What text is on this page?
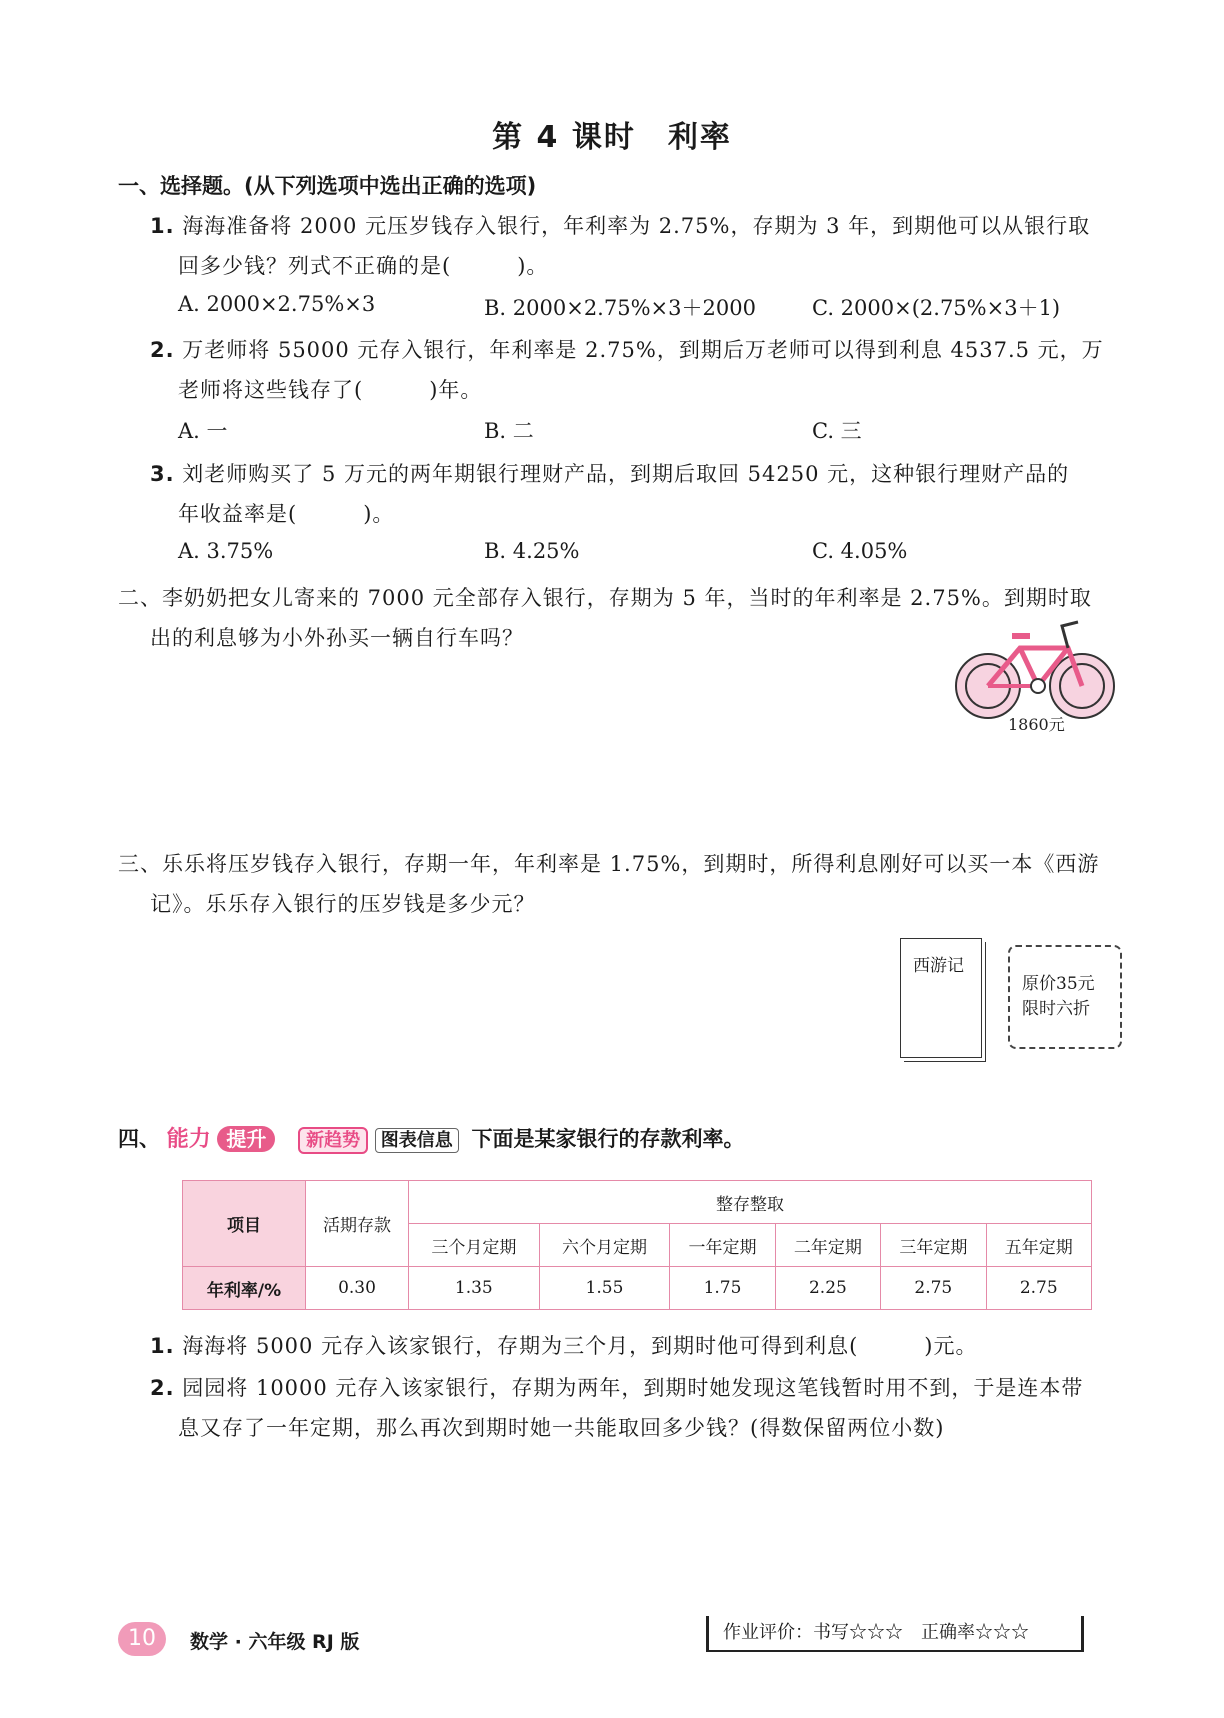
第 4 课时　利率
一、选择题。(从下列选项中选出正确的选项)
1. 海海准备将 2000 元压岁钱存入银行，年利率为 2.75%，存期为 3 年，到期他可以从银行取
回多少钱？列式不正确的是(　　　)。
A. 2000×2.75%×3	B. 2000×2.75%×3＋2000	C. 2000×(2.75%×3＋1)
2. 万老师将 55000 元存入银行，年利率是 2.75%，到期后万老师可以得到利息 4537.5 元，万
老师将这些钱存了(　　　)年。
A. 一	B. 二	C. 三
3. 刘老师购买了 5 万元的两年期银行理财产品，到期后取回 54250 元，这种银行理财产品的
年收益率是(　　　)。
A. 3.75%	B. 4.25%	C. 4.05%
二、李奶奶把女儿寄来的 7000 元全部存入银行，存期为 5 年，当时的年利率是 2.75%。到期时取
出的利息够为小外孙买一辆自行车吗？
1860元
三、乐乐将压岁钱存入银行，存期一年，年利率是 1.75%，到期时，所得利息刚好可以买一本《西游
记》。乐乐存入银行的压岁钱是多少元？
西游记
原价35元
限时六折
四、 能力 提升 新趋势 图表信息 下面是某家银行的存款利率。
项目	活期存款	整存整取					
		三个月定期	六个月定期	一年定期	二年定期	三年定期	五年定期
年利率/%	0.30	1.35	1.55	1.75	2.25	2.75	2.75
1. 海海将 5000 元存入该家银行，存期为三个月，到期时他可得到利息(　　　)元。
2. 园园将 10000 元存入该家银行，存期为两年，到期时她发现这笔钱暂时用不到，于是连本带
息又存了一年定期，那么再次到期时她一共能取回多少钱？(得数保留两位小数)
10	数学 · 六年级 RJ 版	作业评价：书写☆☆☆　正确率☆☆☆
